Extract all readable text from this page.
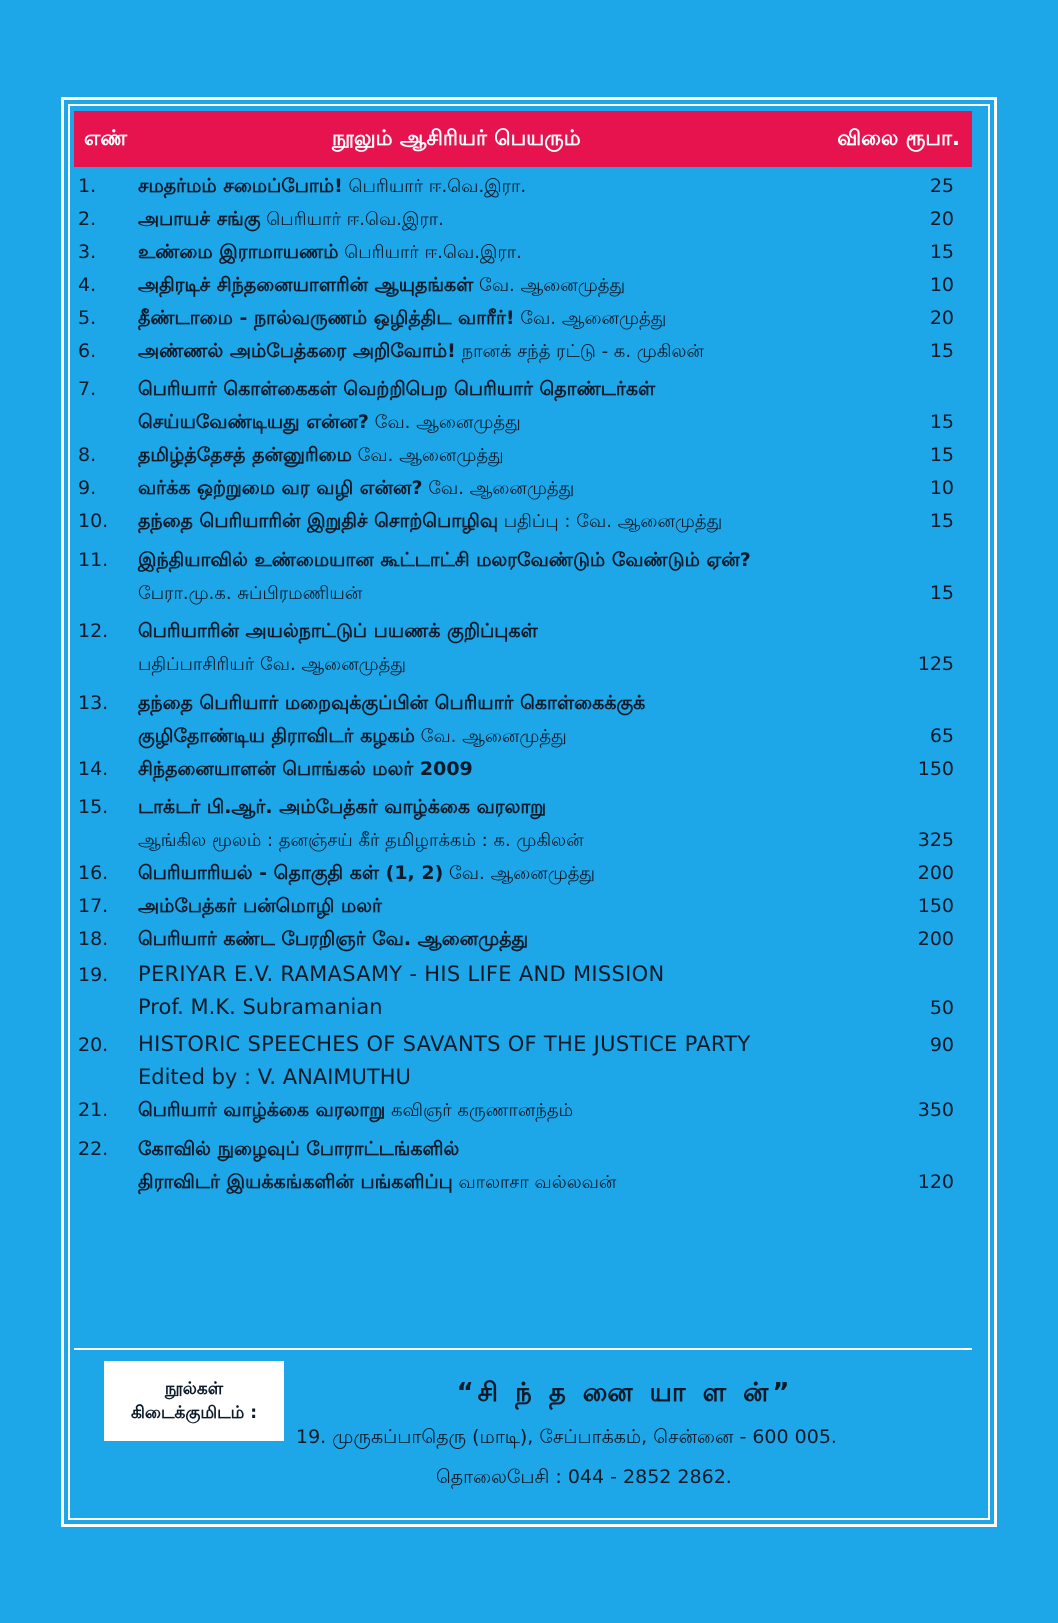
எண்	நூலும் ஆசிரியர் பெயரும்	விலை ரூபா.
1.	சமதர்மம் சமைப்போம்! பெரியார் ஈ.வெ.இரா.	25
2.	அபாயச் சங்கு பெரியார் ஈ.வெ.இரா.	20
3.	உண்மை இராமாயணம் பெரியார் ஈ.வெ.இரா.	15
4.	அதிரடிச் சிந்தனையாளரின் ஆயுதங்கள் வே. ஆனைமுத்து	10
5.	தீண்டாமை - நால்வருணம் ஒழித்திட வாரீர்! வே. ஆனைமுத்து	20
6.	அண்ணல் அம்பேத்கரை அறிவோம்! நானக் சந்த் ரட்டு - க. முகிலன்	15
7.	பெரியார் கொள்கைகள் வெற்றிபெற பெரியார் தொண்டர்கள்
செய்யவேண்டியது என்ன? வே. ஆனைமுத்து	15
8.	தமிழ்த்தேசத் தன்னுரிமை வே. ஆனைமுத்து	15
9.	வர்க்க ஒற்றுமை வர வழி என்ன? வே. ஆனைமுத்து	10
10.	தந்தை பெரியாரின் இறுதிச் சொற்பொழிவு பதிப்பு : வே. ஆனைமுத்து	15
11.	இந்தியாவில் உண்மையான கூட்டாட்சி மலரவேண்டும் வேண்டும் ஏன்?
பேரா.மு.க. சுப்பிரமணியன்	15
12.	பெரியாரின் அயல்நாட்டுப் பயணக் குறிப்புகள்
பதிப்பாசிரியர் வே. ஆனைமுத்து	125
13.	தந்தை பெரியார் மறைவுக்குப்பின் பெரியார் கொள்கைக்குக்
குழிதோண்டிய திராவிடர் கழகம் வே. ஆனைமுத்து	65
14.	சிந்தனையாளன் பொங்கல் மலர் 2009	150
15.	டாக்டர் பி.ஆர். அம்பேத்கர் வாழ்க்கை வரலாறு
ஆங்கில மூலம் : தனஞ்சய் கீர் தமிழாக்கம் : க. முகிலன்	325
16.	பெரியாரியல் - தொகுதி கள் (1, 2) வே. ஆனைமுத்து	200
17.	அம்பேத்கர் பன்மொழி மலர்	150
18.	பெரியார் கண்ட பேரறிஞர் வே. ஆனைமுத்து	200
19.	PERIYAR E.V. RAMASAMY - HIS LIFE AND MISSION
Prof. M.K. Subramanian	50
20.	HISTORIC SPEECHES OF SAVANTS OF THE JUSTICE PARTY	90
Edited by : V. ANAIMUTHU
21.	பெரியார் வாழ்க்கை வரலாறு கவிஞர் கருணானந்தம்	350
22.	கோவில் நுழைவுப் போராட்டங்களில்
திராவிடர் இயக்கங்களின் பங்களிப்பு வாலாசா வல்லவன்	120
நூல்கள்
கிடைக்குமிடம் :
“சி ந் த னை யா ள ன்”
19. முருகப்பாதெரு (மாடி), சேப்பாக்கம், சென்னை - 600 005.
தொலைபேசி : 044 - 2852 2862.
